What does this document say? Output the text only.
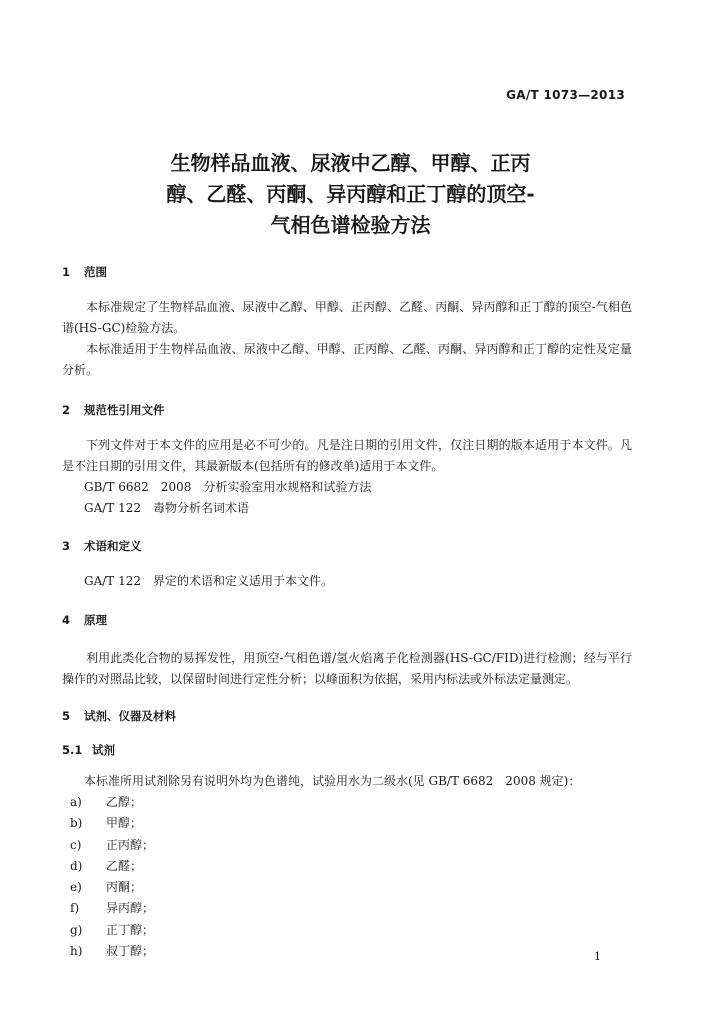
GA/T 1073—2013
生物样品血液、尿液中乙醇、甲醇、正丙
醇、乙醛、丙酮、异丙醇和正丁醇的顶空-
气相色谱检验方法
1 范围

本标准规定了生物样品血液、尿液中乙醇、甲醇、正丙醇、乙醛、丙酮、异丙醇和正丁醇的顶空-气相色谱(HS-GC)检验方法。

本标准适用于生物样品血液、尿液中乙醇、甲醇、正丙醇、乙醛、丙酮、异丙醇和正丁醇的定性及定量分析。

2 规范性引用文件

下列文件对于本文件的应用是必不可少的。凡是注日期的引用文件，仅注日期的版本适用于本文件。凡是不注日期的引用文件，其最新版本(包括所有的修改单)适用于本文件。

GB/T 6682　2008　分析实验室用水规格和试验方法
GA/T 122　毒物分析名词术语
3 术语和定义
GA/T 122　界定的术语和定义适用于本文件。
4 原理

利用此类化合物的易挥发性，用顶空-气相色谱/氢火焰离子化检测器(HS-GC/FID)进行检测；经与平行操作的对照品比较，以保留时间进行定性分析；以峰面积为依据，采用内标法或外标法定量测定。

5 试剂、仪器及材料
5.1 试剂
本标准所用试剂除另有说明外均为色谱纯，试验用水为二级水(见 GB/T 6682　2008 规定)：
a) 乙醇；
b) 甲醇；
c) 正丙醇；
d) 乙醛；
e) 丙酮；
f) 异丙醇；
g) 正丁醇；
h) 叔丁醇；	1
